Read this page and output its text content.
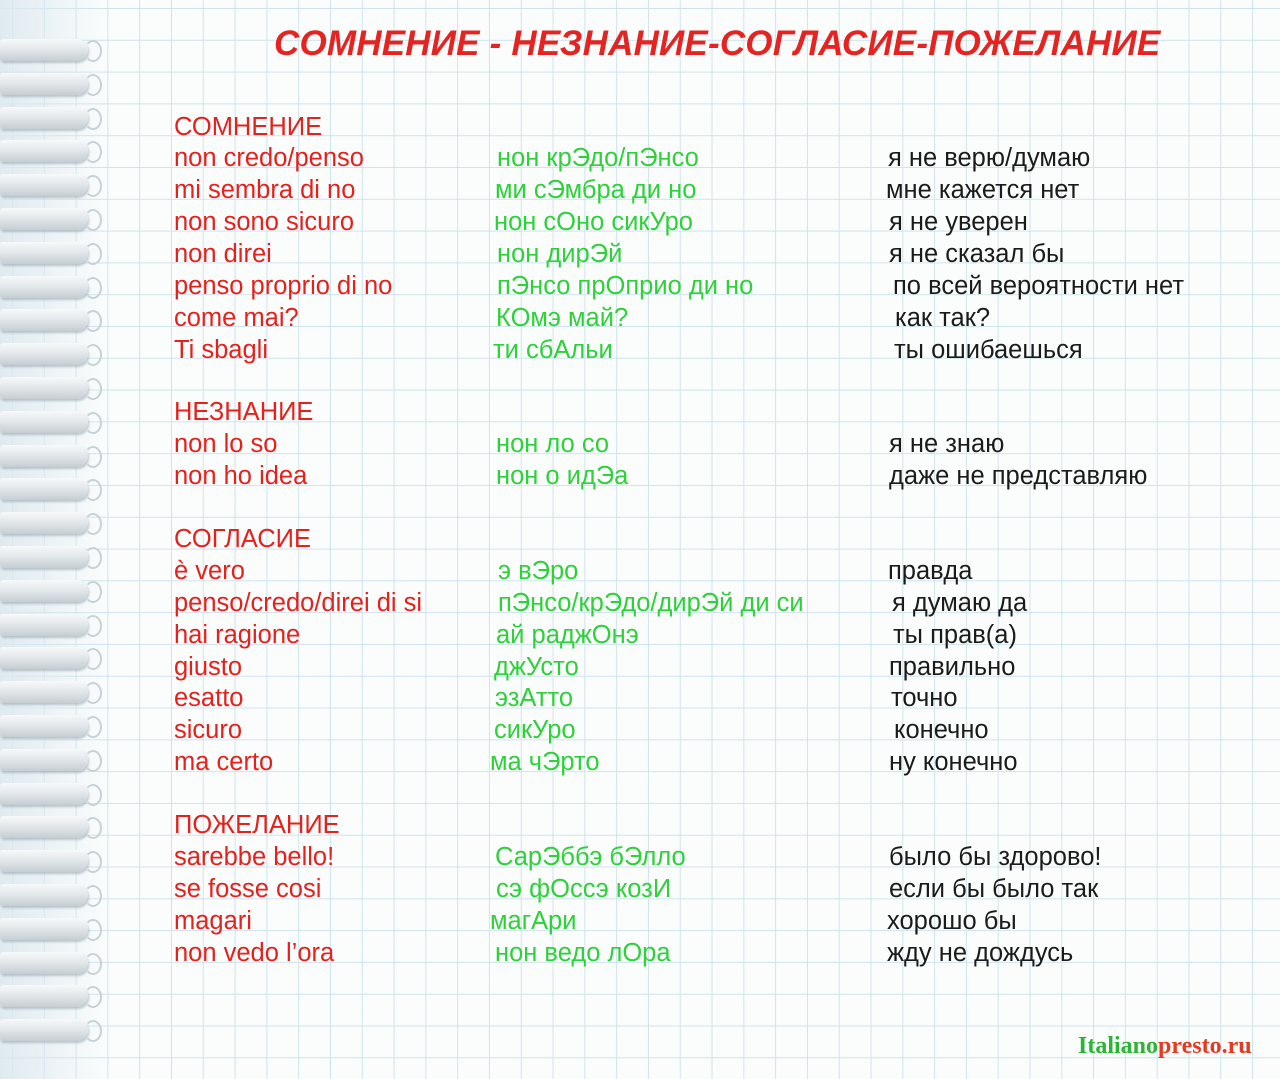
СОМНЕНИЕ - НЕЗНАНИЕ-СОГЛАСИЕ-ПОЖЕЛАНИЕ
СОМНЕНИЕ
non credo/penso	нон крЭдо/пЭнсо	я не верю/думаю
mi sembra di no	ми сЭмбра ди но	мне кажется нет
non sono sicuro	нон сОно сикУро	я не уверен
non direi	нон дирЭй	я не сказал бы
penso proprio di no	пЭнсо прОприо ди но	по всей вероятности нет
come mai?	КОмэ май?	как так?
Ti sbagli	ти сбАльи	ты ошибаешься
НЕЗНАНИЕ
non lo so	нон ло со	я не знаю
non ho idea	нон о идЭа	даже не представляю
СОГЛАСИЕ
è vero	э вЭро	правда
penso/credo/direi di si	пЭнсо/крЭдо/дирЭй ди си	я думаю да
hai ragione	ай раджОнэ	ты прав(а)
giusto	джУсто	правильно
esatto	эзАтто	точно
sicuro	сикУро	конечно
ma certo	ма чЭрто	ну конечно
ПОЖЕЛАНИЕ
sarebbe bello!	СарЭббэ бЭлло	было бы здорово!
se fosse cosi	сэ фОссэ козИ	если бы было так
magari	магАри	хорошо бы
non vedo l’ora	нон ведо лОра	жду не дождусь
Italianopresto.ru
